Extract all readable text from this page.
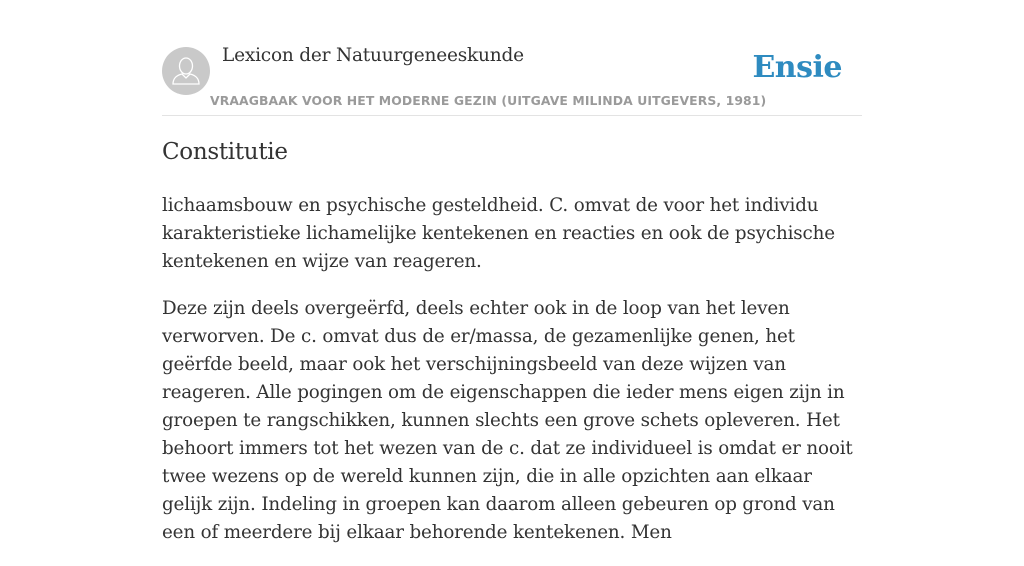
Lexicon der Natuurgeneeskunde
VRAAGBAAK VOOR HET MODERNE GEZIN (UITGAVE MILINDA UITGEVERS, 1981)
Ensie
Constitutie

lichaamsbouw en psychische gesteldheid. C. omvat de voor het individu karakteristieke lichamelijke kentekenen en reacties en ook de psychische kentekenen en wijze van reageren.

Deze zijn deels overgeërfd, deels echter ook in de loop van het leven verworven. De c. omvat dus de er/massa, de gezamenlijke genen, het geërfde beeld, maar ook het verschijningsbeeld van deze wijzen van reageren. Alle pogingen om de eigenschappen die ieder mens eigen zijn in groepen te rangschikken, kunnen slechts een grove schets opleveren. Het behoort immers tot het wezen van de c. dat ze individueel is omdat er nooit twee wezens op de wereld kunnen zijn, die in alle opzichten aan elkaar gelijk zijn. Indeling in groepen kan daarom alleen gebeuren op grond van een of meerdere bij elkaar behorende kentekenen. Men
